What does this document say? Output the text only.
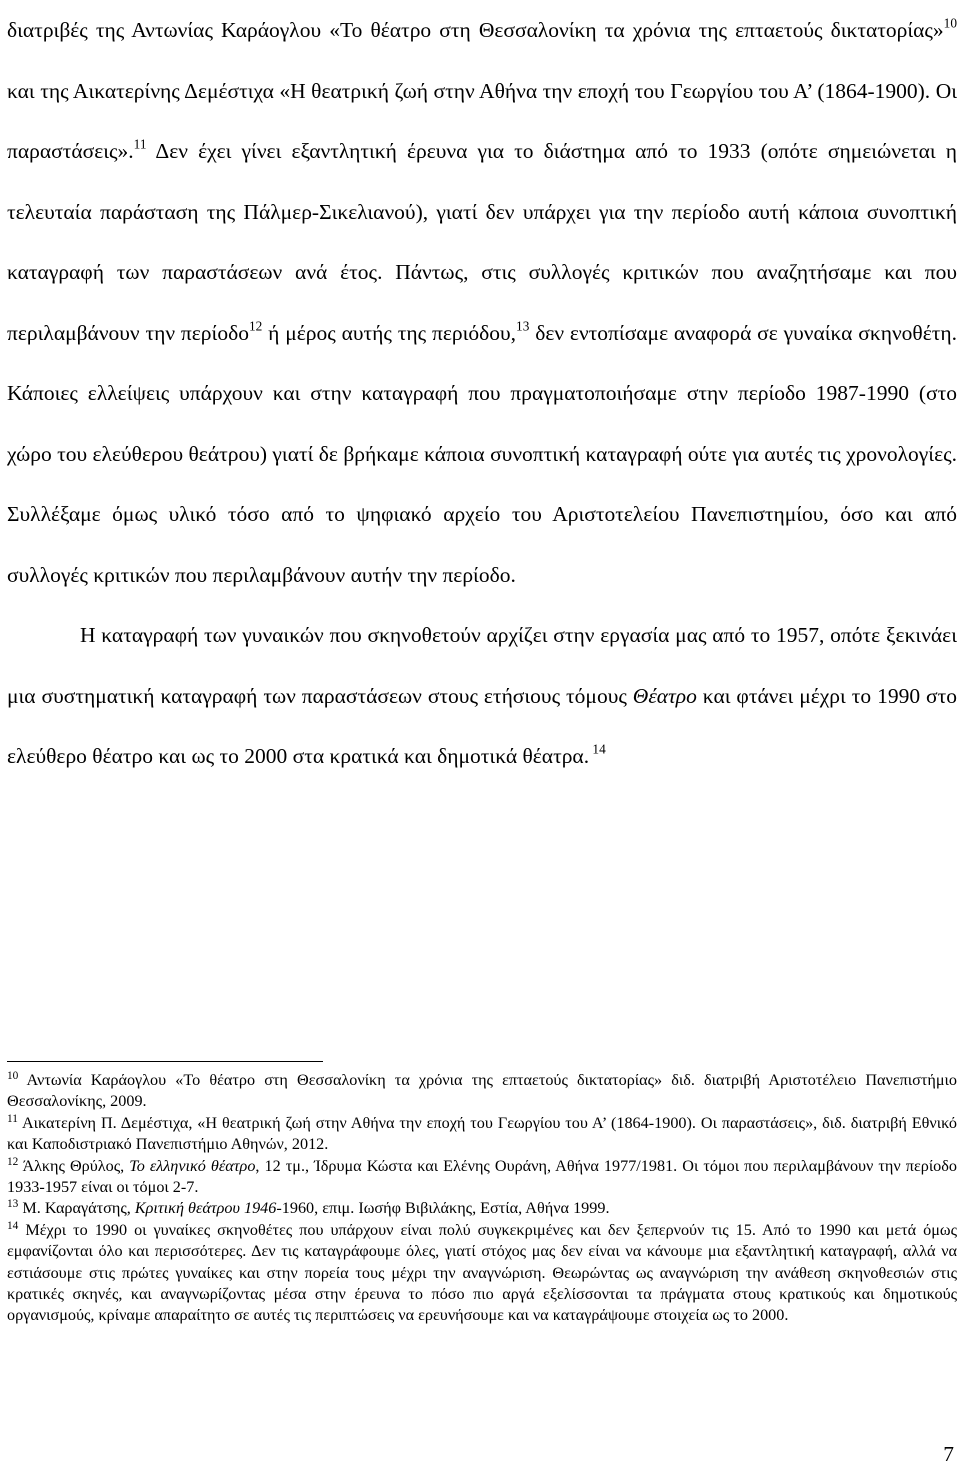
διατριβές της Αντωνίας Καράογλου «Το θέατρο στη Θεσσαλονίκη τα χρόνια της επταετούς δικτατορίας»$^{10}$ και της Αικατερίνης Δεμέστιχα «Η θεατρική ζωή στην Αθήνα την εποχή του Γεωργίου του Α’ (1864-1900). Οι παραστάσεις».$^{11}$ Δεν έχει γίνει εξαντλητική έρευνα για το διάστημα από το 1933 (οπότε σημειώνεται η τελευταία παράσταση της Πάλμερ-Σικελιανού), γιατί δεν υπάρχει για την περίοδο αυτή κάποια συνοπτική καταγραφή των παραστάσεων ανά έτος. Πάντως, στις συλλογές κριτικών που αναζητήσαμε και που περιλαμβάνουν την περίοδο$^{12}$ ή μέρος αυτής της περιόδου,$^{13}$ δεν εντοπίσαμε αναφορά σε γυναίκα σκηνοθέτη. Κάποιες ελλείψεις υπάρχουν και στην καταγραφή που πραγματοποιήσαμε στην περίοδο 1987-1990 (στο χώρο του ελεύθερου θεάτρου) γιατί δε βρήκαμε κάποια συνοπτική καταγραφή ούτε για αυτές τις χρονολογίες. Συλλέξαμε όμως υλικό τόσο από το ψηφιακό αρχείο του Αριστοτελείου Πανεπιστημίου, όσο και από συλλογές κριτικών που περιλαμβάνουν αυτήν την περίοδο.

Η καταγραφή των γυναικών που σκηνοθετούν αρχίζει στην εργασία μας από το 1957, οπότε ξεκινάει μια συστηματική καταγραφή των παραστάσεων στους ετήσιους τόμους Θέατρο και φτάνει μέχρι το 1990 στο ελεύθερο θέατρο και ως το 2000 στα κρατικά και δημοτικά θέατρα. $^{14}$

$^{10}$ Αντωνία Καράογλου «Το θέατρο στη Θεσσαλονίκη τα χρόνια της επταετούς δικτατορίας» διδ. διατριβή Αριστοτέλειο Πανεπιστήμιο Θεσσαλονίκης, 2009.

$^{11}$ Αικατερίνη Π. Δεμέστιχα, «Η θεατρική ζωή στην Αθήνα την εποχή του Γεωργίου του Α’ (1864-1900). Οι παραστάσεις», διδ. διατριβή Εθνικό και Καποδιστριακό Πανεπιστήμιο Αθηνών, 2012.

$^{12}$ Άλκης Θρύλος, Το ελληνικό θέατρο, 12 τμ., Ίδρυμα Κώστα και Ελένης Ουράνη, Αθήνα 1977/1981. Οι τόμοι που περιλαμβάνουν την περίοδο 1933-1957 είναι οι τόμοι 2-7.

$^{13}$ Μ. Καραγάτσης, Κριτική θεάτρου 1946-1960, επιμ. Ιωσήφ Βιβιλάκης, Εστία, Αθήνα 1999.

$^{14}$ Μέχρι το 1990 οι γυναίκες σκηνοθέτες που υπάρχουν είναι πολύ συγκεκριμένες και δεν ξεπερνούν τις 15. Από το 1990 και μετά όμως εμφανίζονται όλο και περισσότερες. Δεν τις καταγράφουμε όλες, γιατί στόχος μας δεν είναι να κάνουμε μια εξαντλητική καταγραφή, αλλά να εστιάσουμε στις πρώτες γυναίκες και στην πορεία τους μέχρι την αναγνώριση. Θεωρώντας ως αναγνώριση την ανάθεση σκηνοθεσιών στις κρατικές σκηνές, και αναγνωρίζοντας μέσα στην έρευνα το πόσο πιο αργά εξελίσσονται τα πράγματα στους κρατικούς και δημοτικούς οργανισμούς, κρίναμε απαραίτητο σε αυτές τις περιπτώσεις να ερευνήσουμε και να καταγράψουμε στοιχεία ως το 2000.

7
